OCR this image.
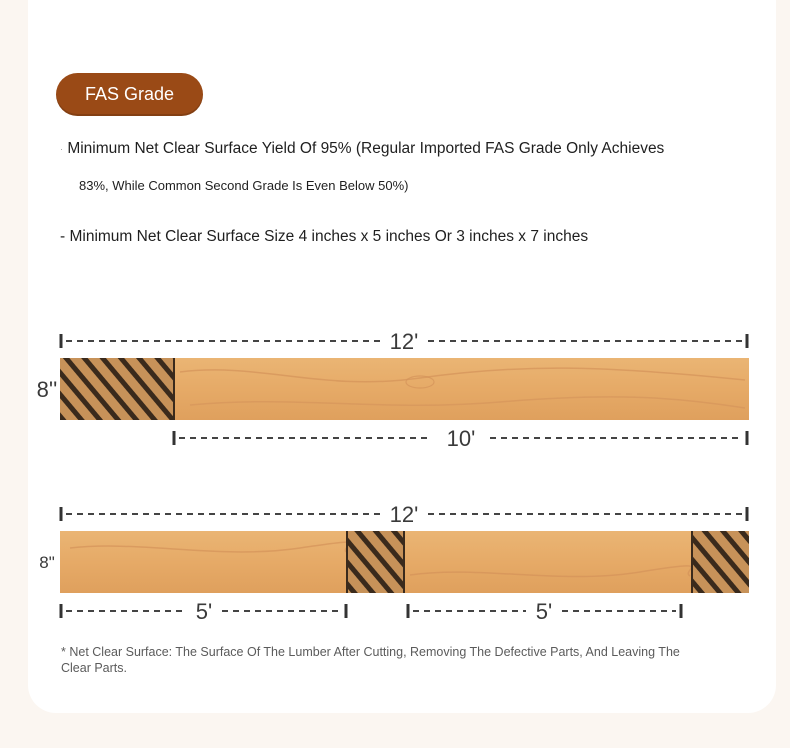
FAS Grade
· Minimum Net Clear Surface Yield Of 95% (Regular Imported FAS Grade Only Achieves
83%, While Common Second Grade Is Even Below 50%)
- Minimum Net Clear Surface Size 4 inches x 5 inches Or 3 inches x 7 inches
12'
8''
10'
12'
8"
5'	5'
* Net Clear Surface: The Surface Of The Lumber After Cutting, Removing The Defective Parts, And Leaving The Clear Parts.
